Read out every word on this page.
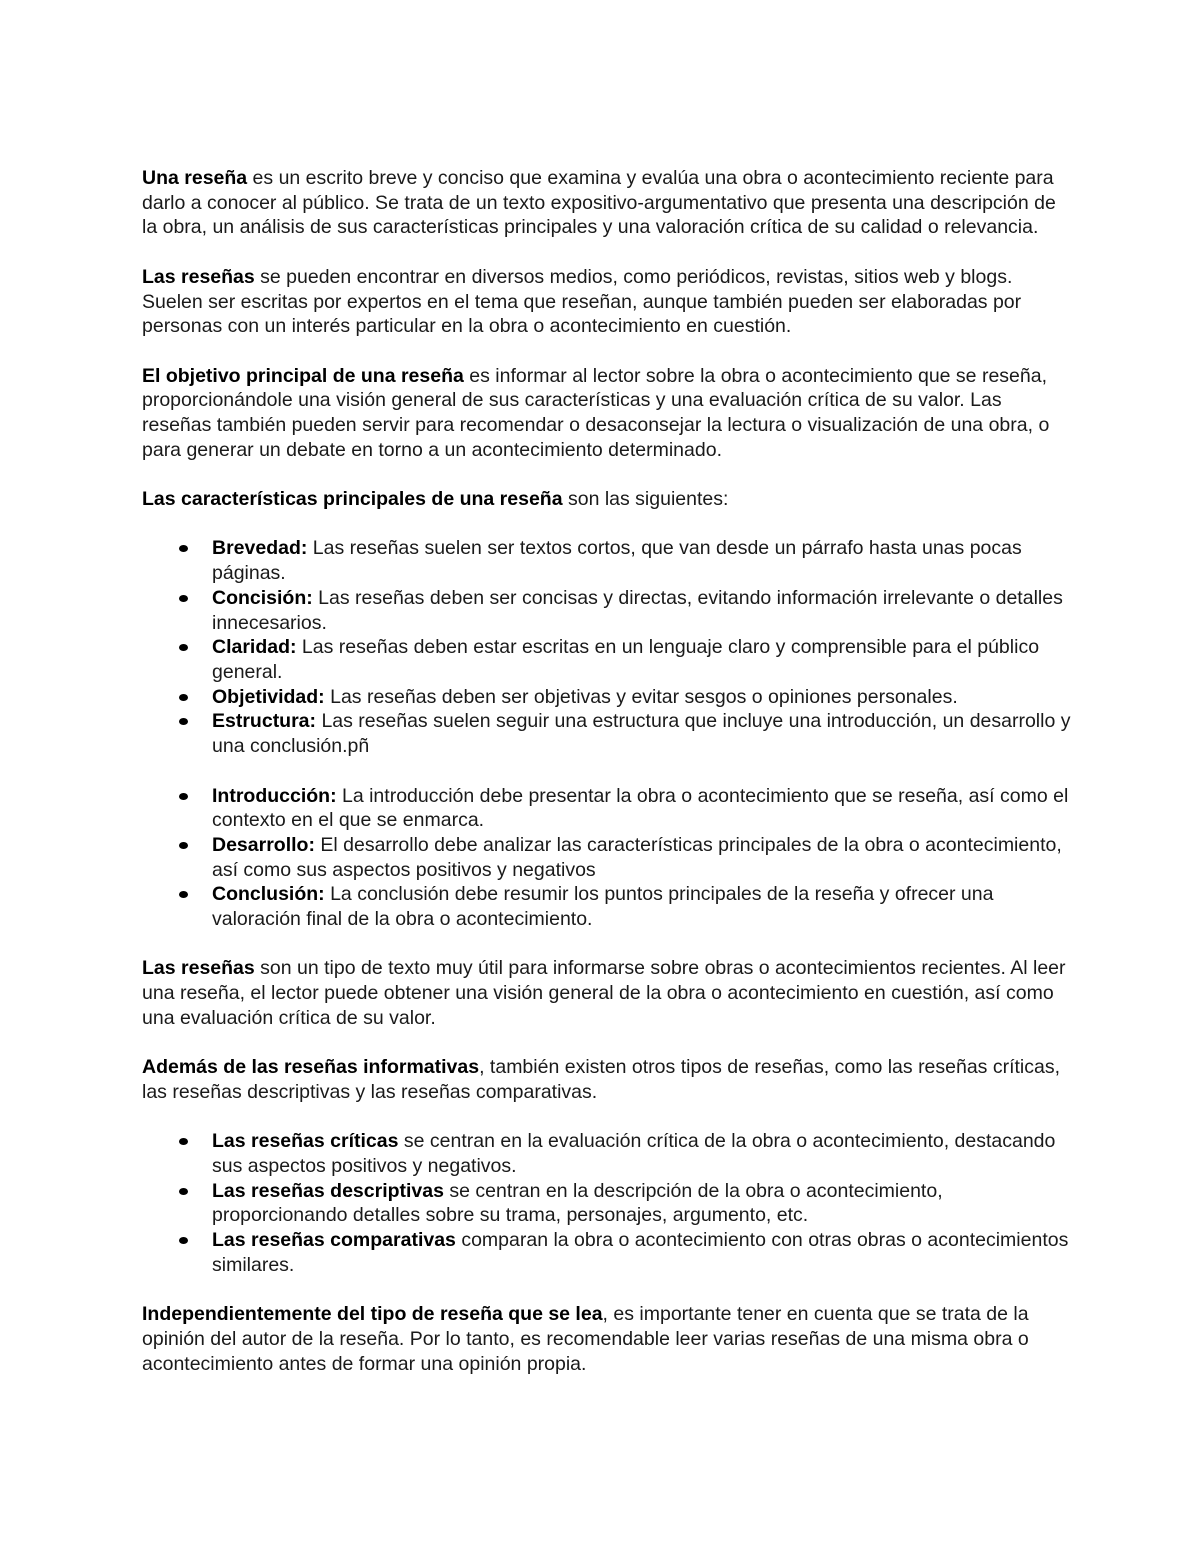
Una reseña es un escrito breve y conciso que examina y evalúa una obra o acontecimiento reciente para darlo a conocer al público. Se trata de un texto expositivo-argumentativo que presenta una descripción de la obra, un análisis de sus características principales y una valoración crítica de su calidad o relevancia.

Las reseñas se pueden encontrar en diversos medios, como periódicos, revistas, sitios web y blogs. Suelen ser escritas por expertos en el tema que reseñan, aunque también pueden ser elaboradas por personas con un interés particular en la obra o acontecimiento en cuestión.

El objetivo principal de una reseña es informar al lector sobre la obra o acontecimiento que se reseña, proporcionándole una visión general de sus características y una evaluación crítica de su valor. Las reseñas también pueden servir para recomendar o desaconsejar la lectura o visualización de una obra, o para generar un debate en torno a un acontecimiento determinado.

Las características principales de una reseña son las siguientes:

Brevedad: Las reseñas suelen ser textos cortos, que van desde un párrafo hasta unas pocas páginas.
Concisión: Las reseñas deben ser concisas y directas, evitando información irrelevante o detalles innecesarios.
Claridad: Las reseñas deben estar escritas en un lenguaje claro y comprensible para el público general.
Objetividad: Las reseñas deben ser objetivas y evitar sesgos o opiniones personales.
Estructura: Las reseñas suelen seguir una estructura que incluye una introducción, un desarrollo y una conclusión.pñ
Introducción: La introducción debe presentar la obra o acontecimiento que se reseña, así como el contexto en el que se enmarca.
Desarrollo: El desarrollo debe analizar las características principales de la obra o acontecimiento, así como sus aspectos positivos y negativos
Conclusión: La conclusión debe resumir los puntos principales de la reseña y ofrecer una valoración final de la obra o acontecimiento.

Las reseñas son un tipo de texto muy útil para informarse sobre obras o acontecimientos recientes. Al leer una reseña, el lector puede obtener una visión general de la obra o acontecimiento en cuestión, así como una evaluación crítica de su valor.

Además de las reseñas informativas, también existen otros tipos de reseñas, como las reseñas críticas, las reseñas descriptivas y las reseñas comparativas.

Las reseñas críticas se centran en la evaluación crítica de la obra o acontecimiento, destacando sus aspectos positivos y negativos.
Las reseñas descriptivas se centran en la descripción de la obra o acontecimiento, proporcionando detalles sobre su trama, personajes, argumento, etc.
Las reseñas comparativas comparan la obra o acontecimiento con otras obras o acontecimientos similares.

Independientemente del tipo de reseña que se lea, es importante tener en cuenta que se trata de la opinión del autor de la reseña. Por lo tanto, es recomendable leer varias reseñas de una misma obra o acontecimiento antes de formar una opinión propia.
